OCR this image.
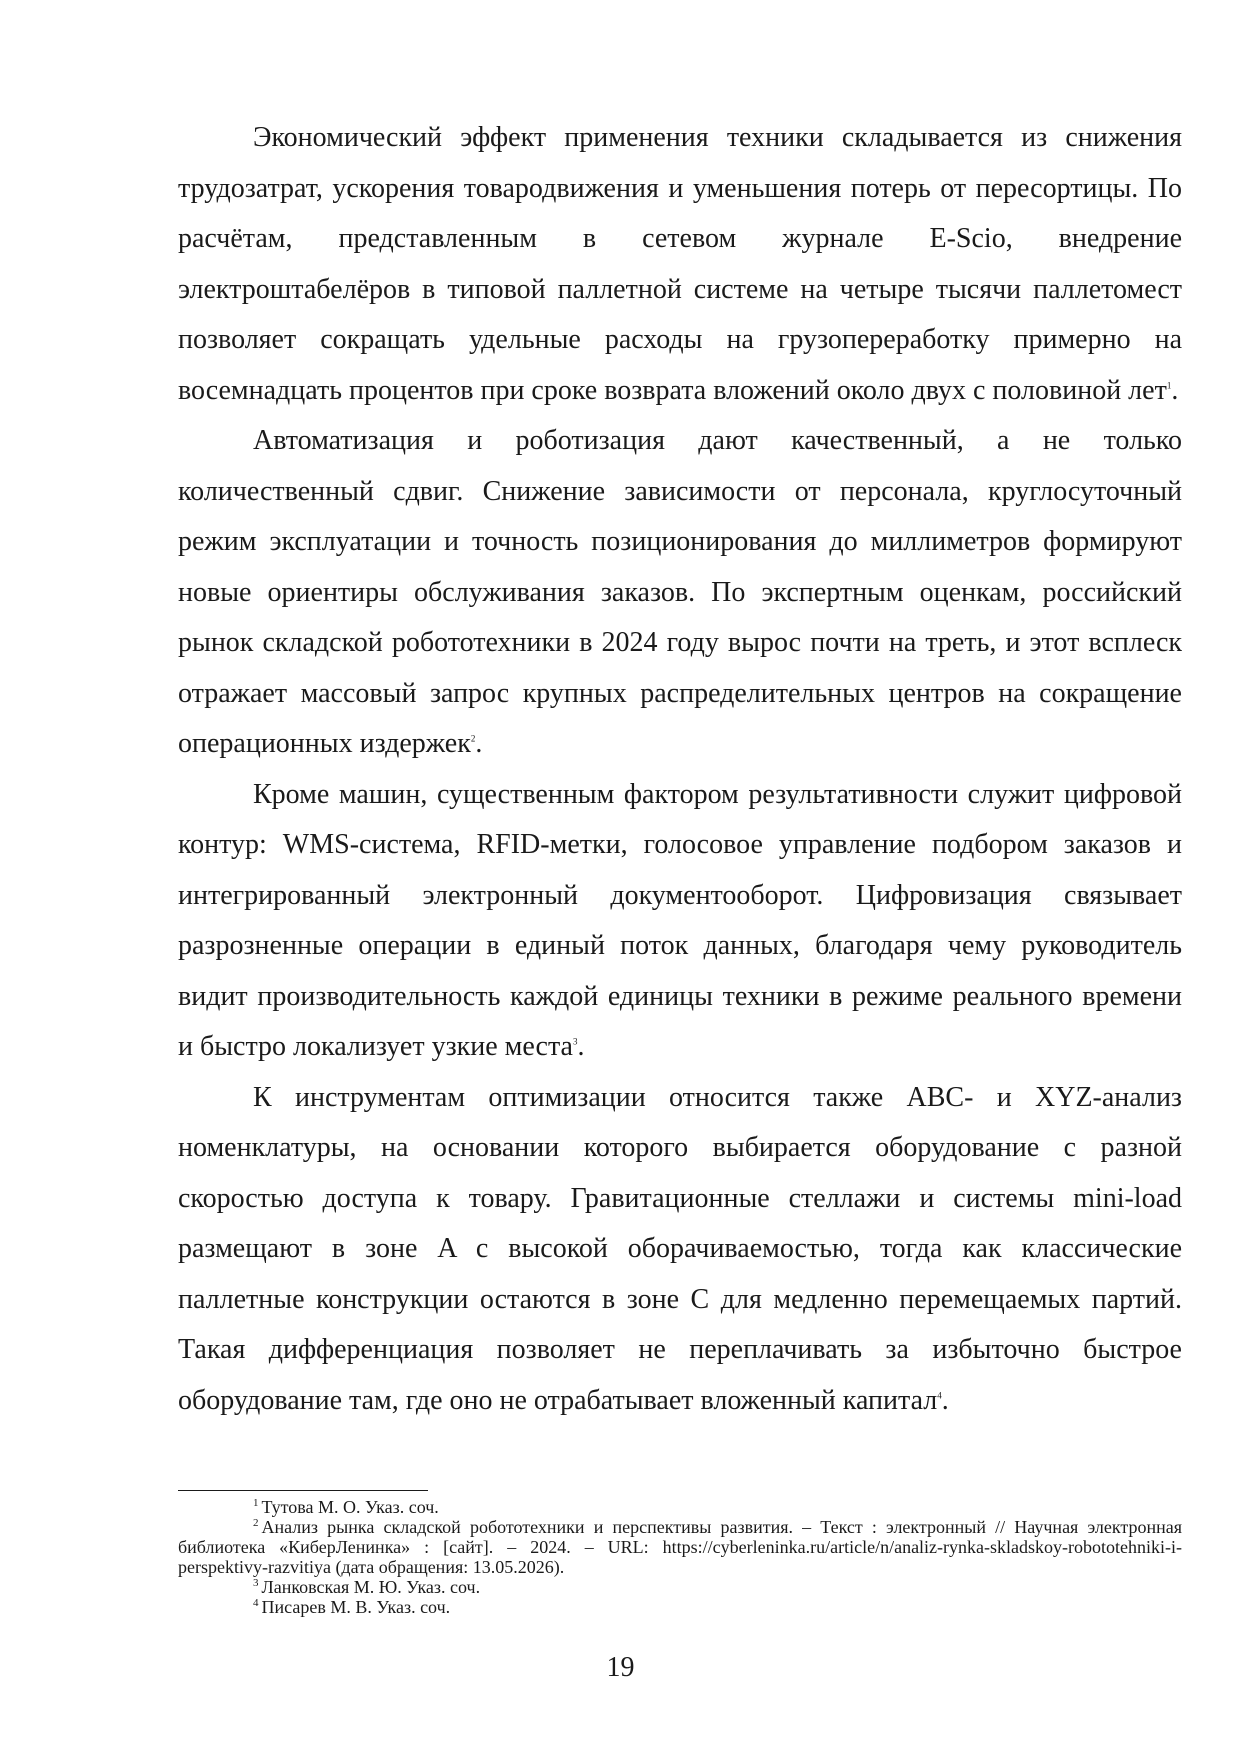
Экономический эффект применения техники складывается из снижения трудозатрат, ускорения товародвижения и уменьшения потерь от пересортицы. По расчётам, представленным в сетевом журнале E-Scio, внедрение электроштабелёров в типовой паллетной системе на четыре тысячи паллетомест позволяет сокращать удельные расходы на грузопереработку примерно на восемнадцать процентов при сроке возврата вложений около двух с половиной лет$^1$.

Автоматизация и роботизация дают качественный, а не только количественный сдвиг. Снижение зависимости от персонала, круглосуточный режим эксплуатации и точность позиционирования до миллиметров формируют новые ориентиры обслуживания заказов. По экспертным оценкам, российский рынок складской робототехники в 2024 году вырос почти на треть, и этот всплеск отражает массовый запрос крупных распределительных центров на сокращение операционных издержек$^2$.

Кроме машин, существенным фактором результативности служит цифровой контур: WMS-система, RFID-метки, голосовое управление подбором заказов и интегрированный электронный документооборот. Цифровизация связывает разрозненные операции в единый поток данных, благодаря чему руководитель видит производительность каждой единицы техники в режиме реального времени и быстро локализует узкие места$^3$.

К инструментам оптимизации относится также ABC- и XYZ-анализ номенклатуры, на основании которого выбирается оборудование с разной скоростью доступа к товару. Гравитационные стеллажи и системы mini-load размещают в зоне A с высокой оборачиваемостью, тогда как классические паллетные конструкции остаются в зоне C для медленно перемещаемых партий. Такая дифференциация позволяет не переплачивать за избыточно быстрое оборудование там, где оно не отрабатывает вложенный капитал$^4$.

$^1$ Тутова М. О. Указ. соч.

$^2$ Анализ рынка складской робототехники и перспективы развития. – Текст : электронный // Научная электронная библиотека «КиберЛенинка» : [сайт]. – 2024. – URL: https://cyberleninka.ru/article/n/analiz-rynka-skladskoy-robototehniki-i-perspektivy-razvitiya (дата обращения: 13.05.2026).

$^3$ Ланковская М. Ю. Указ. соч.

$^4$ Писарев М. В. Указ. соч.

19
